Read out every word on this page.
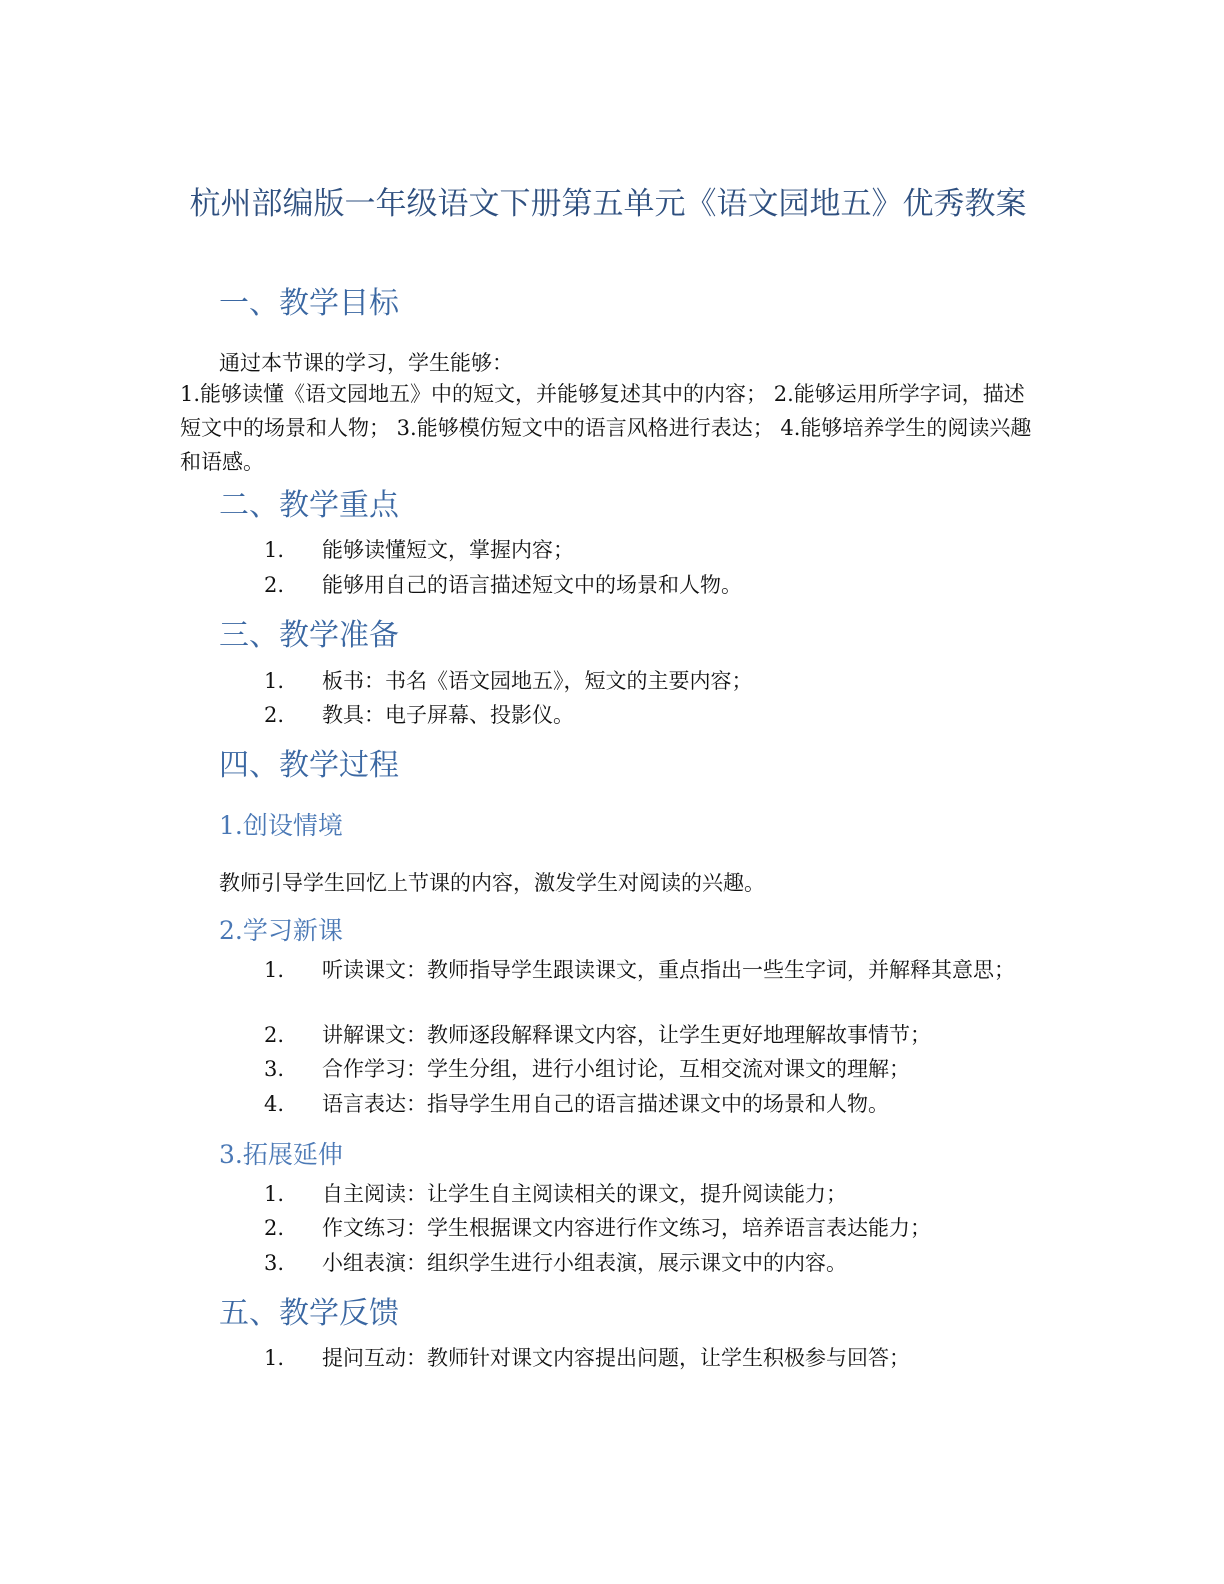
杭州部编版一年级语文下册第五单元《语文园地五》优秀教案
一、教学目标

通过本节课的学习，学生能够：

1.能够读懂《语文园地五》中的短文，并能够复述其中的内容； 2.能够运用所学字词，描述短文中的场景和人物； 3.能够模仿短文中的语言风格进行表达； 4.能够培养学生的阅读兴趣和语感。

二、教学重点
1. 能够读懂短文，掌握内容；
2. 能够用自己的语言描述短文中的场景和人物。
三、教学准备
1. 板书：书名《语文园地五》，短文的主要内容；
2. 教具：电子屏幕、投影仪。
四、教学过程
1.创设情境

教师引导学生回忆上节课的内容，激发学生对阅读的兴趣。

2.学习新课
1. 听读课文：教师指导学生跟读课文，重点指出一些生字词，并解释其意思；
2. 讲解课文：教师逐段解释课文内容，让学生更好地理解故事情节；
3. 合作学习：学生分组，进行小组讨论，互相交流对课文的理解；
4. 语言表达：指导学生用自己的语言描述课文中的场景和人物。
3.拓展延伸
1. 自主阅读：让学生自主阅读相关的课文，提升阅读能力；
2. 作文练习：学生根据课文内容进行作文练习，培养语言表达能力；
3. 小组表演：组织学生进行小组表演，展示课文中的内容。
五、教学反馈
1. 提问互动：教师针对课文内容提出问题，让学生积极参与回答；
